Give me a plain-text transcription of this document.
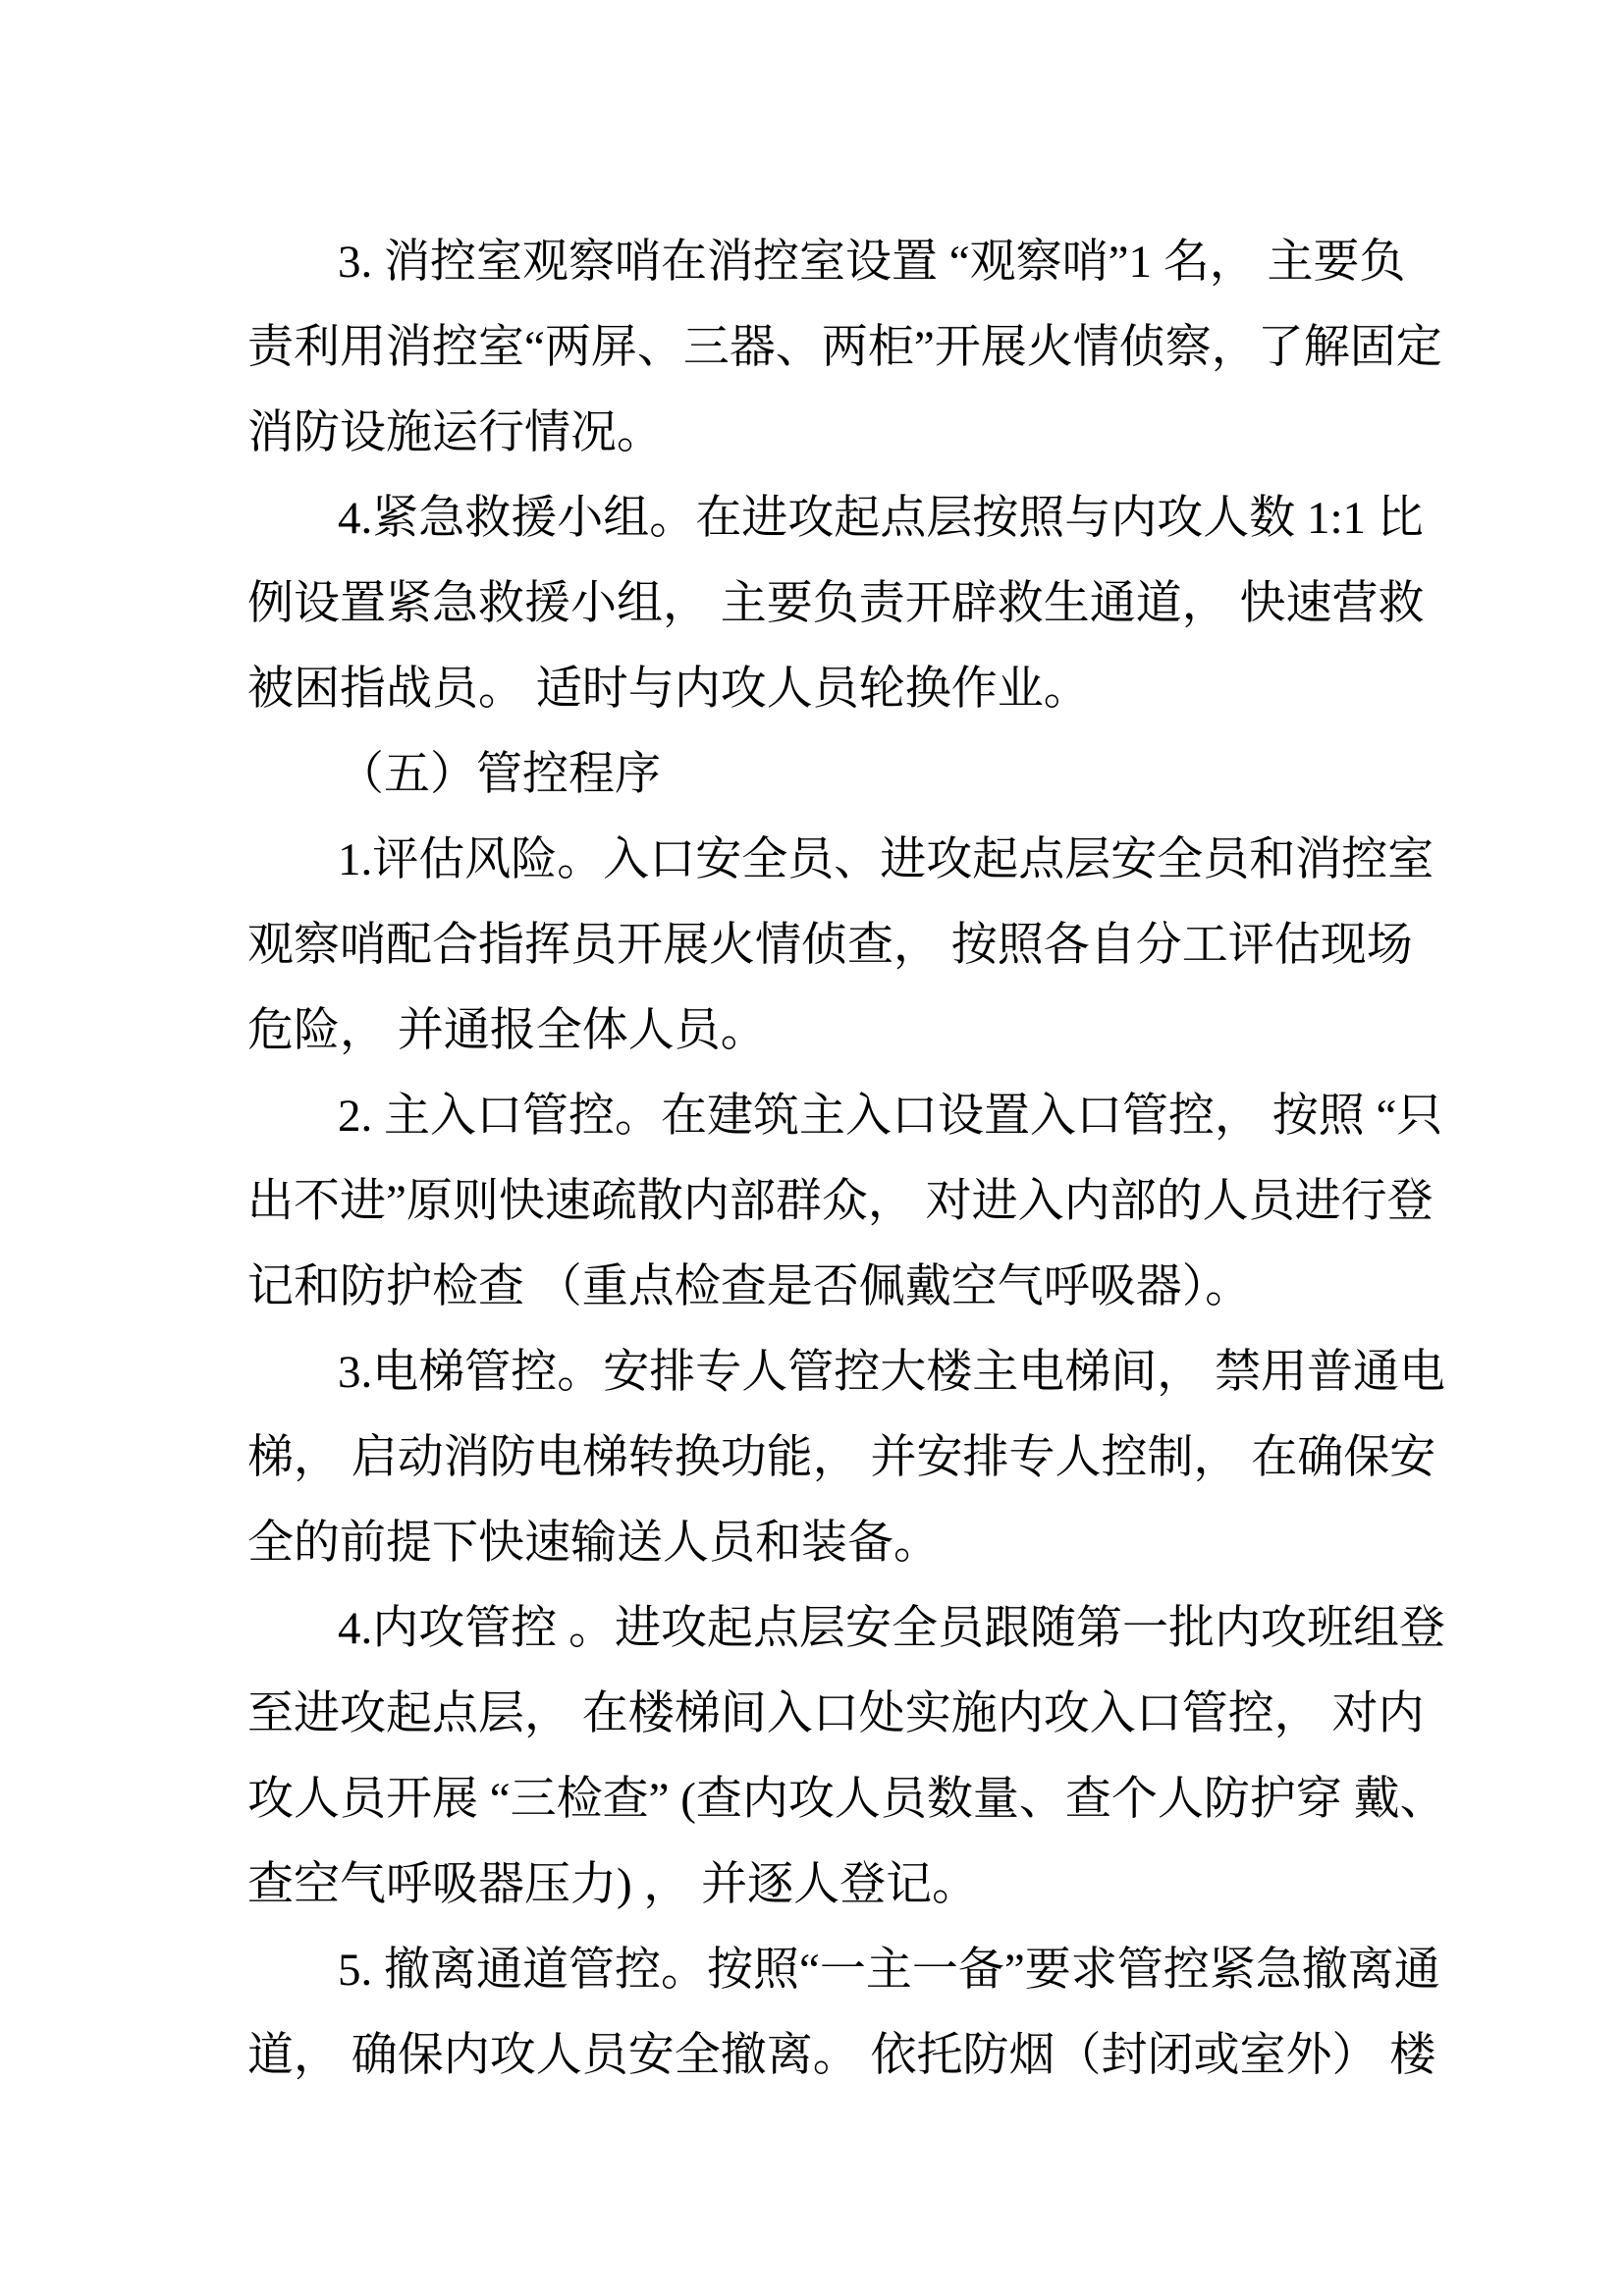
3. 消控室观察哨在消控室设置 “观察哨”1 名， 主要负
责利用消控室“两屏、三器、两柜”开展火情侦察，了解固定
消防设施运行情况。
4.紧急救援小组。在进攻起点层按照与内攻人数 1:1 比
例设置紧急救援小组， 主要负责开辟救生通道， 快速营救
被困指战员。 适时与内攻人员轮换作业。
（五）管控程序
1.评估风险。入口安全员、进攻起点层安全员和消控室
观察哨配合指挥员开展火情侦查， 按照各自分工评估现场
危险， 并通报全体人员。
2. 主入口管控。在建筑主入口设置入口管控， 按照 “只
出不进”原则快速疏散内部群众， 对进入内部的人员进行登
记和防护检查 （重点检查是否佩戴空气呼吸器）。
3.电梯管控。安排专人管控大楼主电梯间， 禁用普通电
梯， 启动消防电梯转换功能， 并安排专人控制， 在确保安
全的前提下快速输送人员和装备。
4.内攻管控 。进攻起点层安全员跟随第一批内攻班组登
至进攻起点层， 在楼梯间入口处实施内攻入口管控， 对内
攻人员开展 “三检查” (查内攻人员数量、查个人防护穿 戴、
查空气呼吸器压力) ， 并逐人登记。
5. 撤离通道管控。按照“一主一备”要求管控紧急撤离通
道， 确保内攻人员安全撤离。 依托防烟（封闭或室外） 楼
